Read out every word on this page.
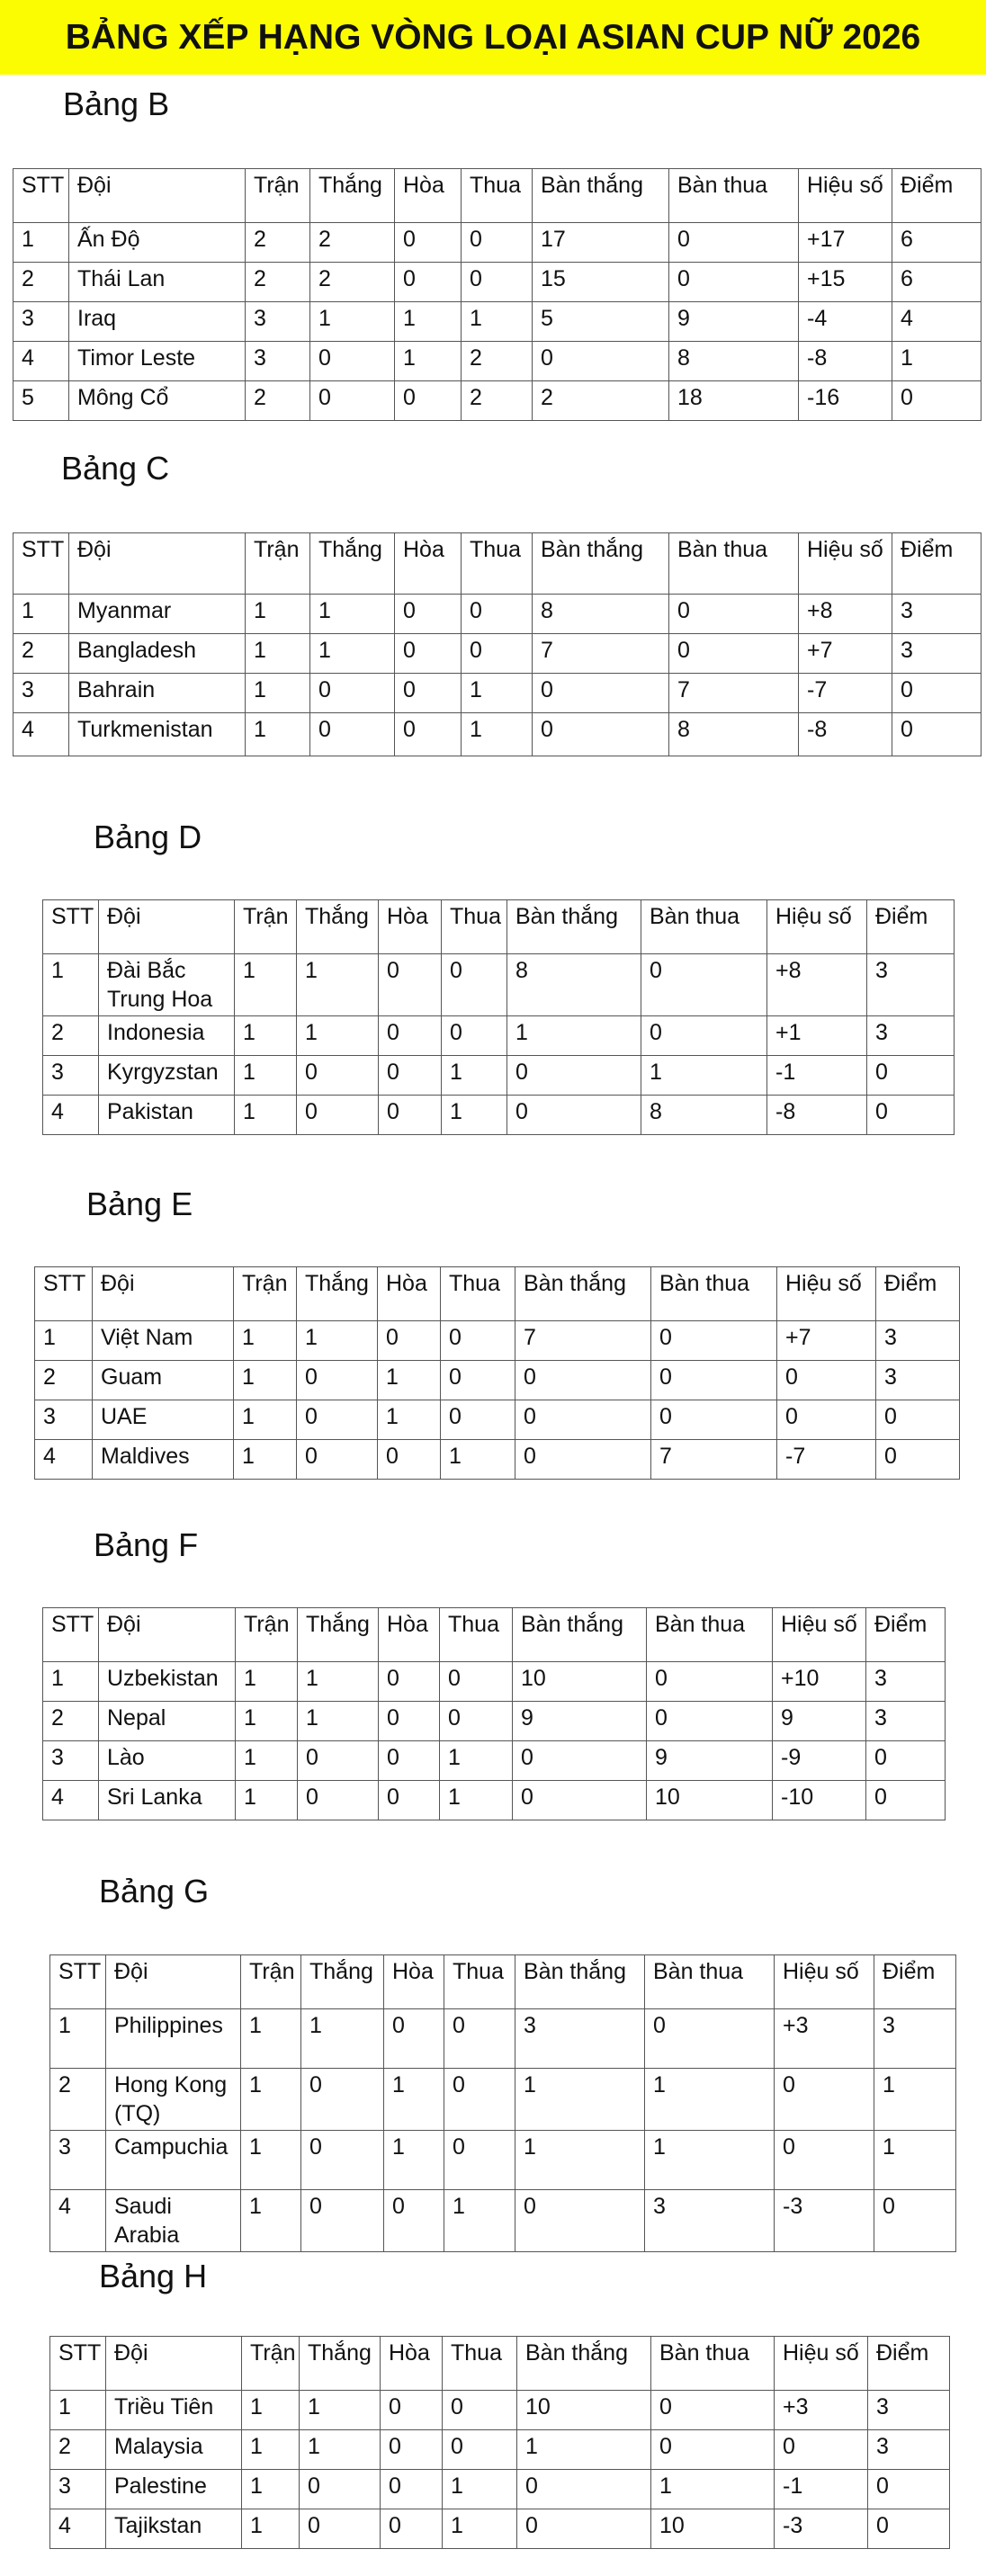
BẢNG XẾP HẠNG VÒNG LOẠI ASIAN CUP NỮ 2026
Bảng B
STT	Đội	Trận	Thắng	Hòa	Thua	Bàn thắng	Bàn thua	Hiệu số	Điểm
1	Ấn Độ	2	2	0	0	17	0	+17	6
2	Thái Lan	2	2	0	0	15	0	+15	6
3	Iraq	3	1	1	1	5	9	-4	4
4	Timor Leste	3	0	1	2	0	8	-8	1
5	Mông Cổ	2	0	0	2	2	18	-16	0
Bảng C
STT	Đội	Trận	Thắng	Hòa	Thua	Bàn thắng	Bàn thua	Hiệu số	Điểm
1	Myanmar	1	1	0	0	8	0	+8	3
2	Bangladesh	1	1	0	0	7	0	+7	3
3	Bahrain	1	0	0	1	0	7	-7	0
4	Turkmenistan	1	0	0	1	0	8	-8	0
Bảng D
STT	Đội	Trận	Thắng	Hòa	Thua	Bàn thắng	Bàn thua	Hiệu số	Điểm
1	Đài Bắc Trung Hoa	1	1	0	0	8	0	+8	3
2	Indonesia	1	1	0	0	1	0	+1	3
3	Kyrgyzstan	1	0	0	1	0	1	-1	0
4	Pakistan	1	0	0	1	0	8	-8	0
Bảng E
STT	Đội	Trận	Thắng	Hòa	Thua	Bàn thắng	Bàn thua	Hiệu số	Điểm
1	Việt Nam	1	1	0	0	7	0	+7	3
2	Guam	1	0	1	0	0	0	0	3
3	UAE	1	0	1	0	0	0	0	0
4	Maldives	1	0	0	1	0	7	-7	0
Bảng F
STT	Đội	Trận	Thắng	Hòa	Thua	Bàn thắng	Bàn thua	Hiệu số	Điểm
1	Uzbekistan	1	1	0	0	10	0	+10	3
2	Nepal	1	1	0	0	9	0	9	3
3	Lào	1	0	0	1	0	9	-9	0
4	Sri Lanka	1	0	0	1	0	10	-10	0
Bảng G
STT	Đội	Trận	Thắng	Hòa	Thua	Bàn thắng	Bàn thua	Hiệu số	Điểm
1	Philippines	1	1	0	0	3	0	+3	3
2	Hong Kong (TQ)	1	0	1	0	1	1	0	1
3	Campuchia	1	0	1	0	1	1	0	1
4	Saudi Arabia	1	0	0	1	0	3	-3	0
Bảng H
STT	Đội	Trận	Thắng	Hòa	Thua	Bàn thắng	Bàn thua	Hiệu số	Điểm
1	Triều Tiên	1	1	0	0	10	0	+3	3
2	Malaysia	1	1	0	0	1	0	0	3
3	Palestine	1	0	0	1	0	1	-1	0
4	Tajikstan	1	0	0	1	0	10	-3	0
